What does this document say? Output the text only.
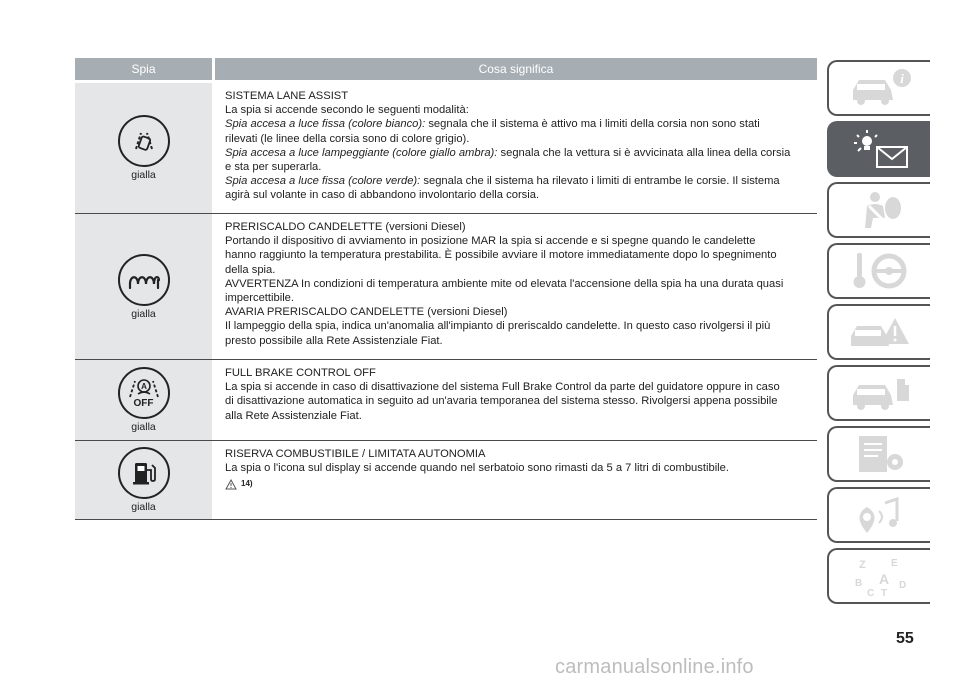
Spia	Cosa significa
gialla

SISTEMA LANE ASSIST

La spia si accende secondo le seguenti modalità:

Spia accesa a luce fissa (colore bianco): segnala che il sistema è attivo ma i limiti della corsia non sono stati

rilevati (le linee della corsia sono di colore grigio).

Spia accesa a luce lampeggiante (colore giallo ambra): segnala che la vettura si è avvicinata alla linea della corsia

e sta per superarla.

Spia accesa a luce fissa (colore verde): segnala che il sistema ha rilevato i limiti di entrambe le corsie. Il sistema

agirà sul volante in caso di abbandono involontario della corsia.

gialla

PRERISCALDO CANDELETTE (versioni Diesel)

Portando il dispositivo di avviamento in posizione MAR la spia si accende e si spegne quando le candelette

hanno raggiunto la temperatura prestabilita. È possibile avviare il motore immediatamente dopo lo spegnimento

della spia.

AVVERTENZA In condizioni di temperatura ambiente mite od elevata l'accensione della spia ha una durata quasi

impercettibile.

AVARIA PRERISCALDO CANDELETTE (versioni Diesel)

Il lampeggio della spia, indica un'anomalia all'impianto di preriscaldo candelette. In questo caso rivolgersi il più

presto possibile alla Rete Assistenziale Fiat.

A
OFF
gialla

FULL BRAKE CONTROL OFF

La spia si accende in caso di disattivazione del sistema Full Brake Control da parte del guidatore oppure in caso

di disattivazione automatica in seguito ad un'avaria temporanea del sistema stesso. Rivolgersi appena possibile

alla Rete Assistenziale Fiat.

gialla

RISERVA COMBUSTIBILE / LIMITATA AUTONOMIA

La spia o l'icona sul display si accende quando nel serbatoio sono rimasti da 5 a 7 litri di combustibile.

14)
i
Z	E
B A D
C T
55
carmanualsonline.info
